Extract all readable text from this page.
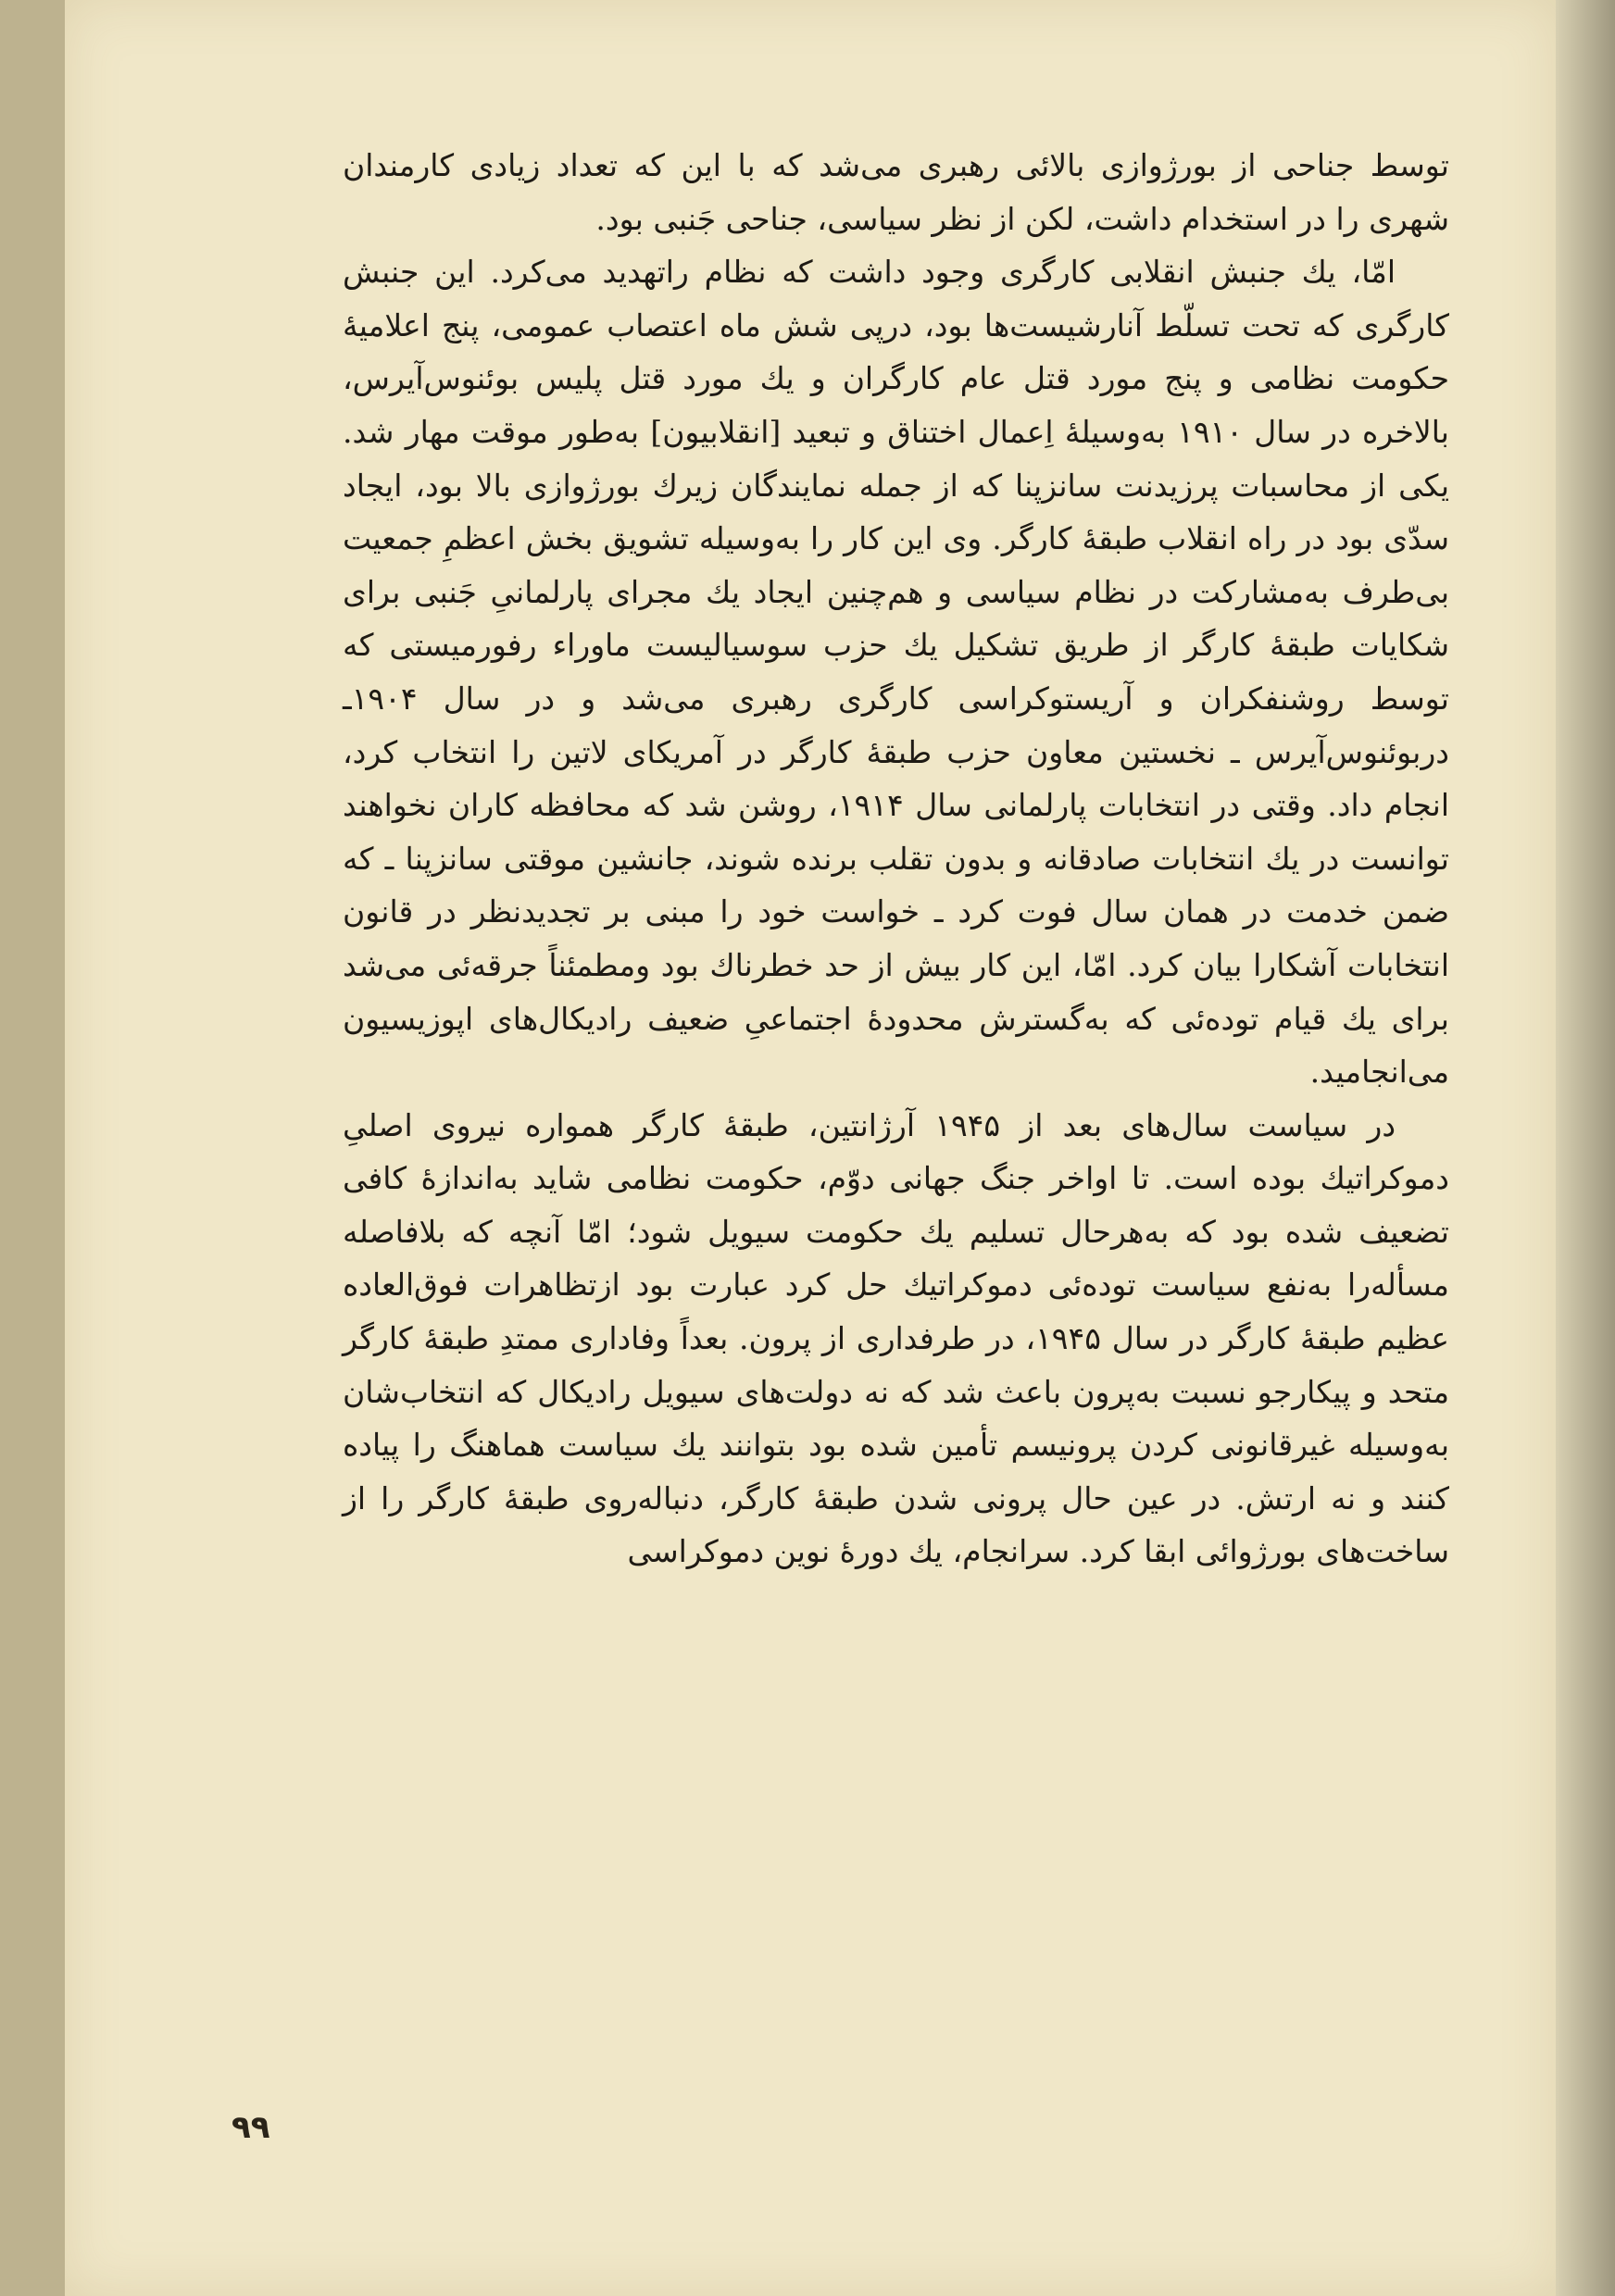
توسط جناحی از بورژوازی بالائی رهبری می‌شد که با این که تعداد زیادی کارمندان شهری را در استخدام داشت، لکن از نظر سیاسی، جناحی جَنبی بود.

امّا، یك جنبش انقلابی کارگری وجود داشت که نظام راتهدید می‌کرد. این جنبش کارگری که تحت تسلّط آنارشیست‌ها بود، درپی شش ماه اعتصاب عمومی، پنج اعلامیهٔ حکومت نظامی و پنج مورد قتل عام کارگران و یك مورد قتل پلیس بوئنوس‌آیرس، بالاخره در سال ۱۹۱۰ به‌وسیلهٔ اِعمال اختناق و تبعید [انقلابیون] به‌طور موقت مهار شد. یکی از محاسبات پرزیدنت سانزپنا که از جمله نمایندگان زیرك بورژوازی بالا بود، ایجاد سدّی بود در راه انقلاب طبقهٔ کارگر. وی این کار را به‌وسیله تشویق بخش اعظمِ جمعیت بی‌طرف به‌مشارکت در نظام سیاسی و هم‌چنین ایجاد یك مجرای پارلمانیِ جَنبی برای شکایات طبقهٔ کارگر از طریق تشکیل یك حزب سوسیالیست ماوراء رفورمیستی که توسط روشنفکران و آریستوکراسی کارگری رهبری می‌شد و در سال ۱۹۰۴ـ دربوئنوس‌آیرس ـ نخستین معاون حزب طبقهٔ کارگر در آمریکای لاتین را انتخاب کرد، انجام داد. وقتی در انتخابات پارلمانی سال ۱۹۱۴، روشن شد که محافظه کاران نخواهند توانست در یك انتخابات صادقانه و بدون تقلب برنده شوند، جانشین موقتی سانزپنا ـ که ضمن خدمت در همان سال فوت کرد ـ خواست خود را مبنی بر تجدیدنظر در قانون انتخابات آشکارا بیان کرد. امّا، این کار بیش از حد خطرناك بود ومطمئناً جرقه‌ئی می‌شد برای یك قیام توده‌ئی که به‌گسترش محدودهٔ اجتماعیِ ضعیف رادیکال‌های اپوزیسیون می‌انجامید.

در سیاست سال‌های بعد از ۱۹۴۵ آرژانتین، طبقهٔ کارگر همواره نیروی اصلیِ دموکراتیك بوده است. تا اواخر جنگ جهانی دوّم، حکومت نظامی شاید به‌اندازهٔ کافی تضعیف شده بود که به‌هرحال تسلیم یك حکومت سیویل شود؛ امّا آنچه که بلافاصله مسأله‌را به‌نفع سیاست توده‌ئی دموکراتیك حل کرد عبارت بود ازتظاهرات فوق‌العاده عظیم طبقهٔ کارگر در سال ۱۹۴۵، در طرفداری از پرون. بعداً وفاداری ممتدِ طبقهٔ کارگر متحد و پیکارجو نسبت به‌پرون باعث شد که نه دولت‌های سیویل رادیکال که انتخاب‌شان به‌وسیله غیرقانونی کردن پرونیسم تأمین شده بود بتوانند یك سیاست هماهنگ را پیاده کنند و نه ارتش. در عین حال پرونی شدن طبقهٔ کارگر، دنباله‌روی طبقهٔ کارگر را از ساخت‌های بورژوائی ابقا کرد. سرانجام، یك دورهٔ نوین دموکراسی

۹۹
